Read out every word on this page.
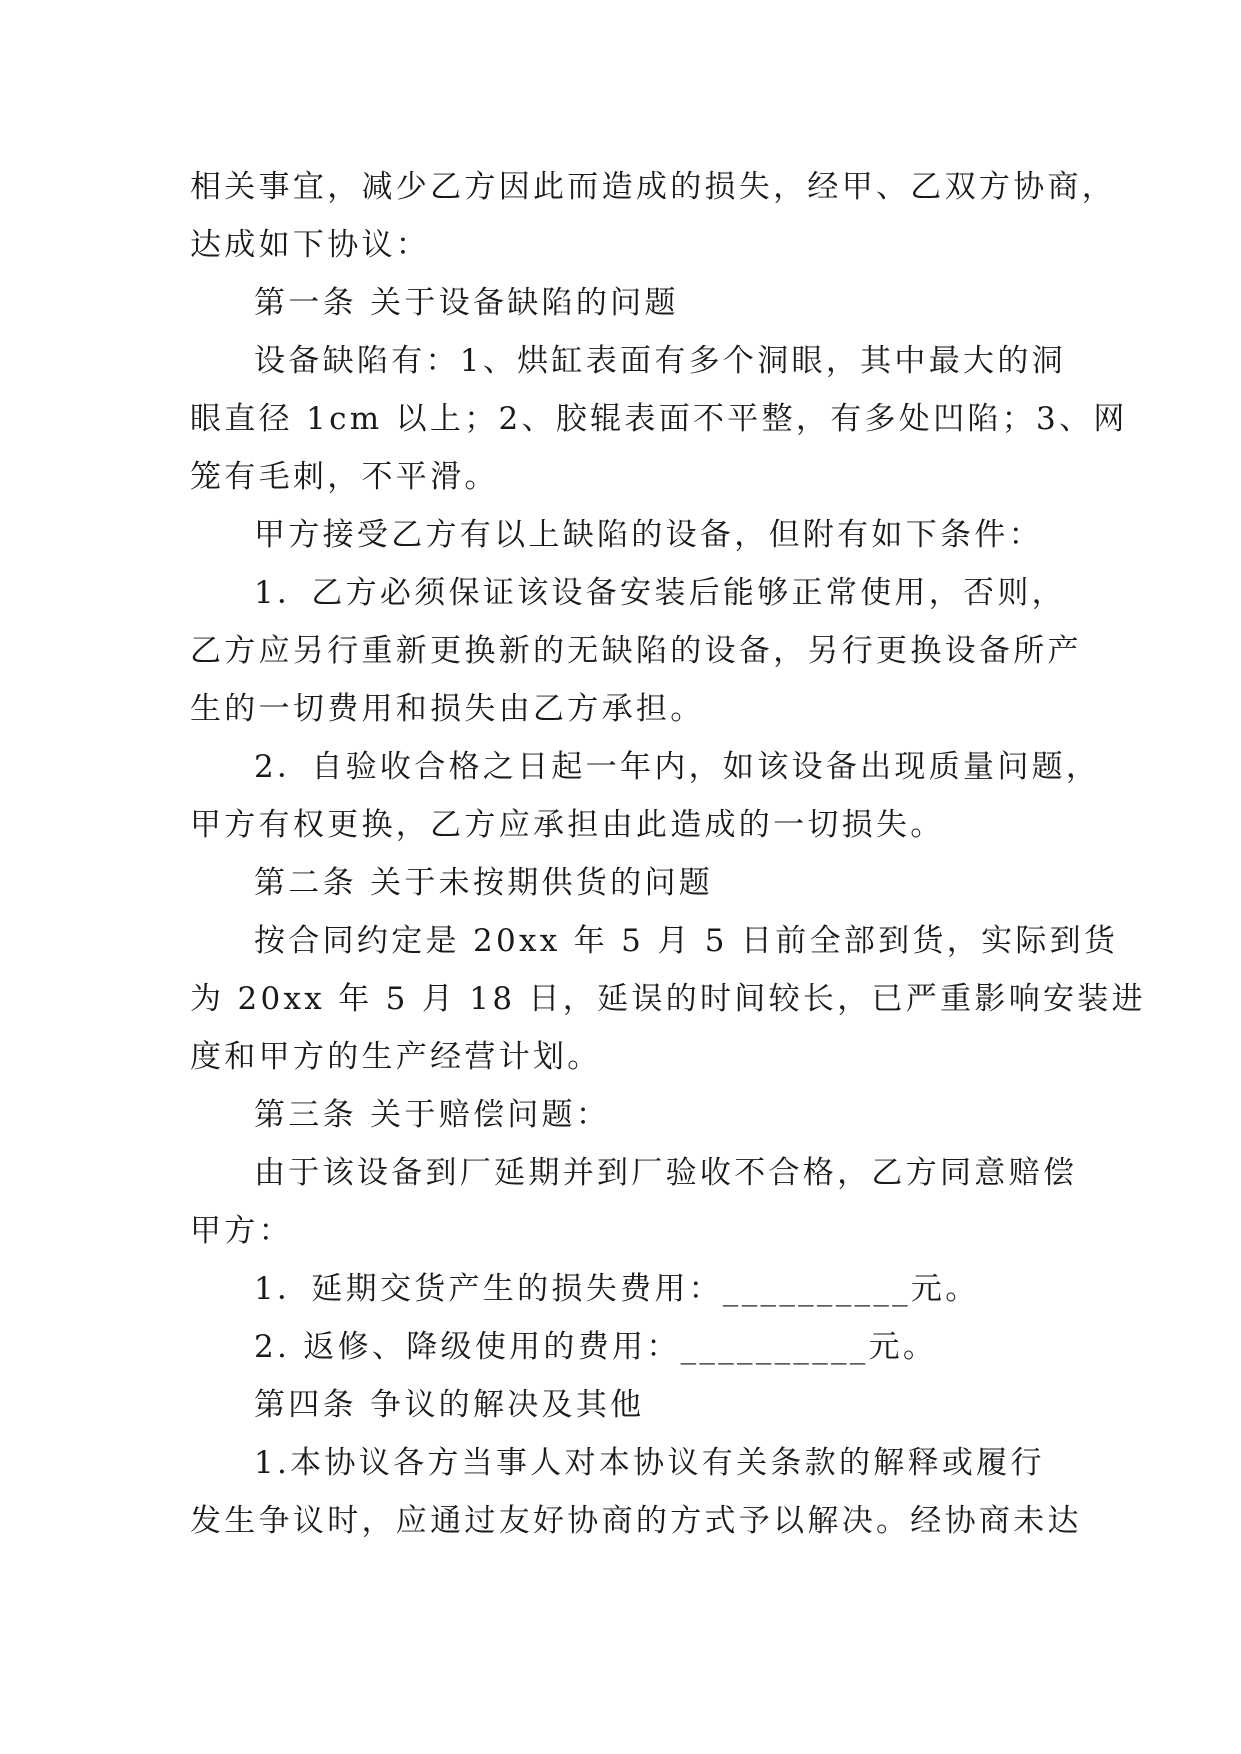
相关事宜，减少乙方因此而造成的损失，经甲、乙双方协商，
达成如下协议：
第一条 关于设备缺陷的问题
设备缺陷有：1、烘缸表面有多个洞眼，其中最大的洞
眼直径 1cm 以上；2、胶辊表面不平整，有多处凹陷；3、网
笼有毛刺，不平滑。
甲方接受乙方有以上缺陷的设备，但附有如下条件：
1．乙方必须保证该设备安装后能够正常使用，否则，
乙方应另行重新更换新的无缺陷的设备，另行更换设备所产
生的一切费用和损失由乙方承担。
2．自验收合格之日起一年内，如该设备出现质量问题，
甲方有权更换，乙方应承担由此造成的一切损失。
第二条 关于未按期供货的问题
按合同约定是 20xx 年 5 月 5 日前全部到货，实际到货
为 20xx 年 5 月 18 日，延误的时间较长，已严重影响安装进
度和甲方的生产经营计划。
第三条 关于赔偿问题：
由于该设备到厂延期并到厂验收不合格，乙方同意赔偿
甲方：
1．延期交货产生的损失费用：__________元。
2. 返修、降级使用的费用：__________元。
第四条 争议的解决及其他
1.本协议各方当事人对本协议有关条款的解释或履行
发生争议时，应通过友好协商的方式予以解决。经协商未达
